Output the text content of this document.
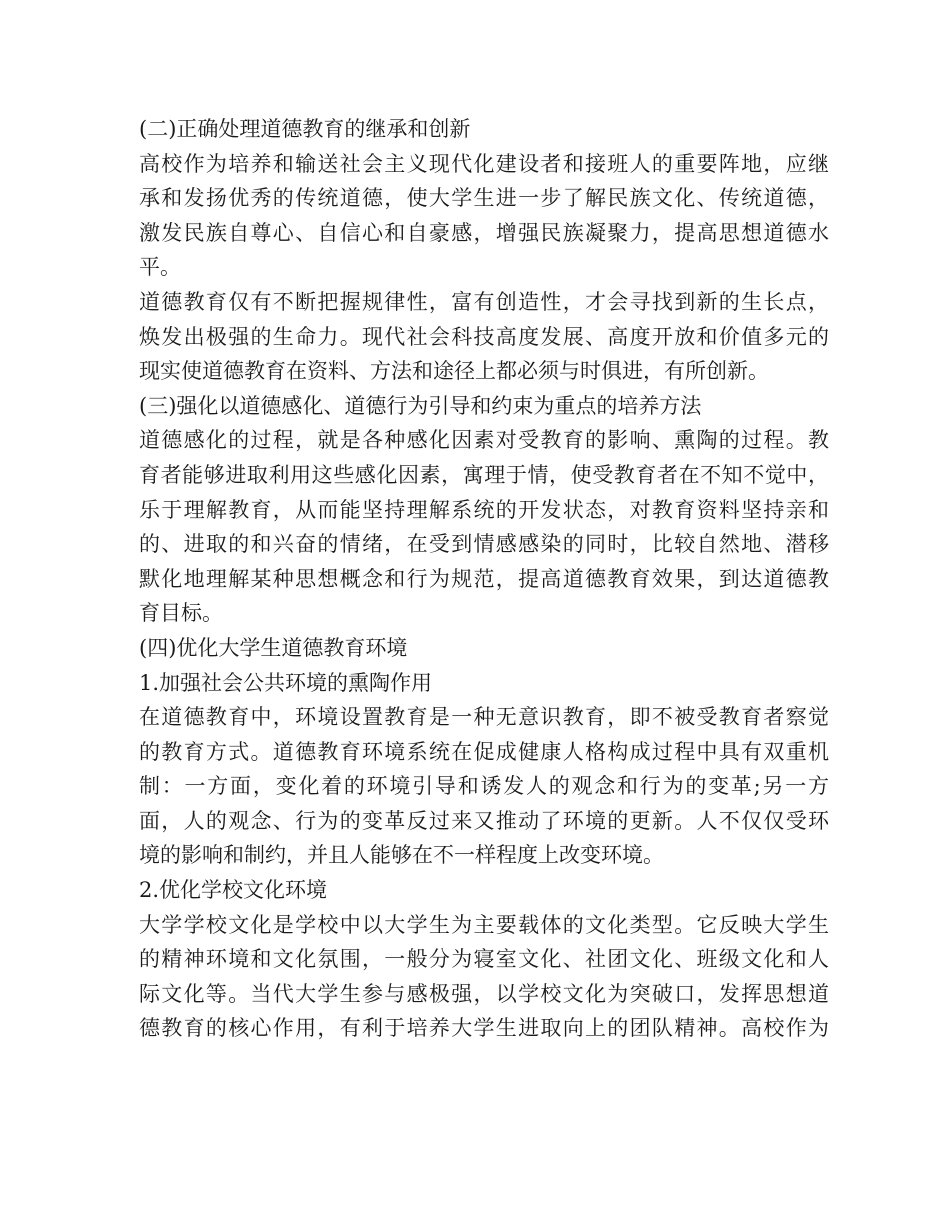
(二)正确处理道德教育的继承和创新
高校作为培养和输送社会主义现代化建设者和接班人的重要阵地，应继
承和发扬优秀的传统道德，使大学生进一步了解民族文化、传统道德，
激发民族自尊心、自信心和自豪感，增强民族凝聚力，提高思想道德水
平。
道德教育仅有不断把握规律性，富有创造性，才会寻找到新的生长点，
焕发出极强的生命力。现代社会科技高度发展、高度开放和价值多元的
现实使道德教育在资料、方法和途径上都必须与时俱进，有所创新。
(三)强化以道德感化、道德行为引导和约束为重点的培养方法
道德感化的过程，就是各种感化因素对受教育的影响、熏陶的过程。教
育者能够进取利用这些感化因素，寓理于情，使受教育者在不知不觉中，
乐于理解教育，从而能坚持理解系统的开发状态，对教育资料坚持亲和
的、进取的和兴奋的情绪，在受到情感感染的同时，比较自然地、潜移
默化地理解某种思想概念和行为规范，提高道德教育效果，到达道德教
育目标。
(四)优化大学生道德教育环境
1.加强社会公共环境的熏陶作用
在道德教育中，环境设置教育是一种无意识教育，即不被受教育者察觉
的教育方式。道德教育环境系统在促成健康人格构成过程中具有双重机
制：一方面，变化着的环境引导和诱发人的观念和行为的变革;另一方
面，人的观念、行为的变革反过来又推动了环境的更新。人不仅仅受环
境的影响和制约，并且人能够在不一样程度上改变环境。
2.优化学校文化环境
大学学校文化是学校中以大学生为主要载体的文化类型。它反映大学生
的精神环境和文化氛围，一般分为寝室文化、社团文化、班级文化和人
际文化等。当代大学生参与感极强，以学校文化为突破口，发挥思想道
德教育的核心作用，有利于培养大学生进取向上的团队精神。高校作为
